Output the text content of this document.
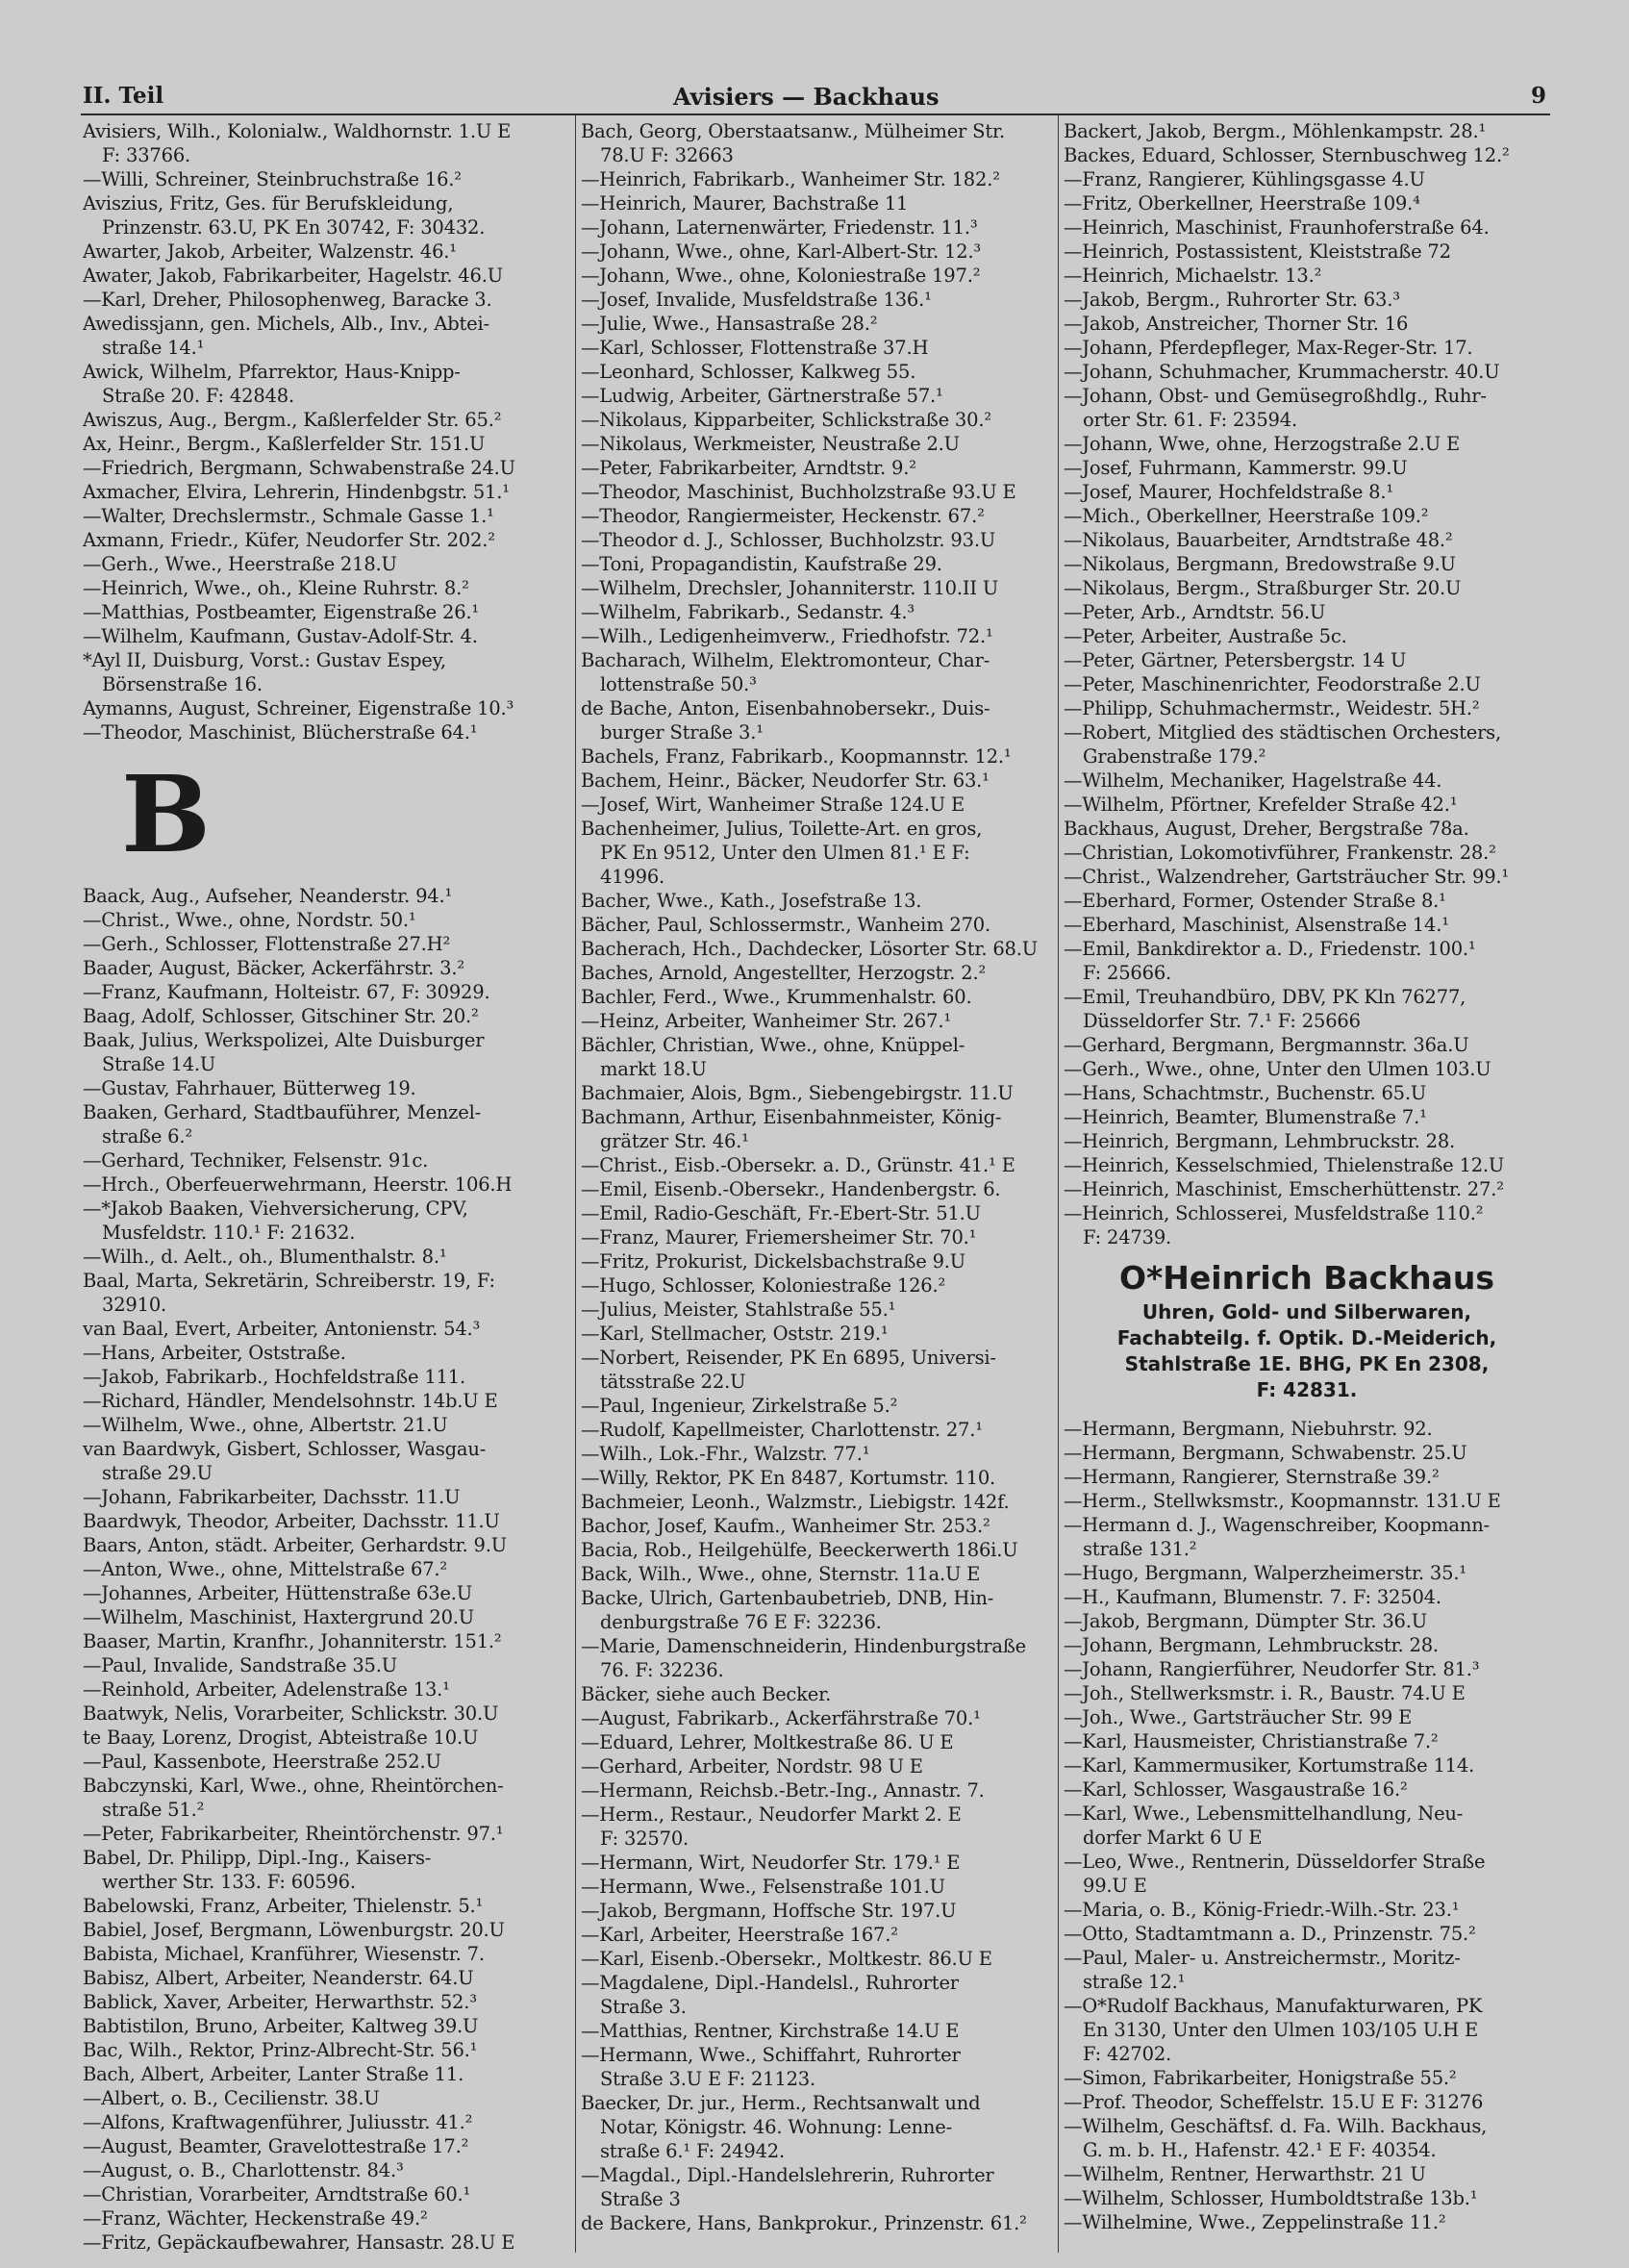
II. Teil	Avisiers — Backhaus	9
Avisiers, Wilh., Kolonialw., Waldhornstr. 1.U E
F: 33766.
—Willi, Schreiner, Steinbruchstraße 16.²
Aviszius, Fritz, Ges. für Berufskleidung,
Prinzenstr. 63.U, PK En 30742, F: 30432.
Awarter, Jakob, Arbeiter, Walzenstr. 46.¹
Awater, Jakob, Fabrikarbeiter, Hagelstr. 46.U
—Karl, Dreher, Philosophenweg, Baracke 3.
Awedissjann, gen. Michels, Alb., Inv., Abtei-
straße 14.¹
Awick, Wilhelm, Pfarrektor, Haus-Knipp-
Straße 20. F: 42848.
Awiszus, Aug., Bergm., Kaßlerfelder Str. 65.²
Ax, Heinr., Bergm., Kaßlerfelder Str. 151.U
—Friedrich, Bergmann, Schwabenstraße 24.U
Axmacher, Elvira, Lehrerin, Hindenbgstr. 51.¹
—Walter, Drechslermstr., Schmale Gasse 1.¹
Axmann, Friedr., Küfer, Neudorfer Str. 202.²
—Gerh., Wwe., Heerstraße 218.U
—Heinrich, Wwe., oh., Kleine Ruhrstr. 8.²
—Matthias, Postbeamter, Eigenstraße 26.¹
—Wilhelm, Kaufmann, Gustav-Adolf-Str. 4.
*Ayl II, Duisburg, Vorst.: Gustav Espey,
Börsenstraße 16.
Aymanns, August, Schreiner, Eigenstraße 10.³
—Theodor, Maschinist, Blücherstraße 64.¹
B
Baack, Aug., Aufseher, Neanderstr. 94.¹
—Christ., Wwe., ohne, Nordstr. 50.¹
—Gerh., Schlosser, Flottenstraße 27.H²
Baader, August, Bäcker, Ackerfährstr. 3.²
—Franz, Kaufmann, Holteistr. 67, F: 30929.
Baag, Adolf, Schlosser, Gitschiner Str. 20.²
Baak, Julius, Werkspolizei, Alte Duisburger
Straße 14.U
—Gustav, Fahrhauer, Bütterweg 19.
Baaken, Gerhard, Stadtbauführer, Menzel-
straße 6.²
—Gerhard, Techniker, Felsenstr. 91c.
—Hrch., Oberfeuerwehrmann, Heerstr. 106.H
—*Jakob Baaken, Viehversicherung, CPV,
Musfeldstr. 110.¹ F: 21632.
—Wilh., d. Aelt., oh., Blumenthalstr. 8.¹
Baal, Marta, Sekretärin, Schreiberstr. 19, F:
32910.
van Baal, Evert, Arbeiter, Antonienstr. 54.³
—Hans, Arbeiter, Oststraße.
—Jakob, Fabrikarb., Hochfeldstraße 111.
—Richard, Händler, Mendelsohnstr. 14b.U E
—Wilhelm, Wwe., ohne, Albertstr. 21.U
van Baardwyk, Gisbert, Schlosser, Wasgau-
straße 29.U
—Johann, Fabrikarbeiter, Dachsstr. 11.U
Baardwyk, Theodor, Arbeiter, Dachsstr. 11.U
Baars, Anton, städt. Arbeiter, Gerhardstr. 9.U
—Anton, Wwe., ohne, Mittelstraße 67.²
—Johannes, Arbeiter, Hüttenstraße 63e.U
—Wilhelm, Maschinist, Haxtergrund 20.U
Baaser, Martin, Kranfhr., Johanniterstr. 151.²
—Paul, Invalide, Sandstraße 35.U
—Reinhold, Arbeiter, Adelenstraße 13.¹
Baatwyk, Nelis, Vorarbeiter, Schlickstr. 30.U
te Baay, Lorenz, Drogist, Abteistraße 10.U
—Paul, Kassenbote, Heerstraße 252.U
Babczynski, Karl, Wwe., ohne, Rheintörchen-
straße 51.²
—Peter, Fabrikarbeiter, Rheintörchenstr. 97.¹
Babel, Dr. Philipp, Dipl.-Ing., Kaisers-
werther Str. 133. F: 60596.
Babelowski, Franz, Arbeiter, Thielenstr. 5.¹
Babiel, Josef, Bergmann, Löwenburgstr. 20.U
Babista, Michael, Kranführer, Wiesenstr. 7.
Babisz, Albert, Arbeiter, Neanderstr. 64.U
Bablick, Xaver, Arbeiter, Herwarthstr. 52.³
Babtistilon, Bruno, Arbeiter, Kaltweg 39.U
Bac, Wilh., Rektor, Prinz-Albrecht-Str. 56.¹
Bach, Albert, Arbeiter, Lanter Straße 11.
—Albert, o. B., Cecilienstr. 38.U
—Alfons, Kraftwagenführer, Juliusstr. 41.²
—August, Beamter, Gravelottestraße 17.²
—August, o. B., Charlottenstr. 84.³
—Christian, Vorarbeiter, Arndtstraße 60.¹
—Franz, Wächter, Heckenstraße 49.²
—Fritz, Gepäckaufbewahrer, Hansastr. 28.U E
Bach, Georg, Oberstaatsanw., Mülheimer Str.
78.U F: 32663
—Heinrich, Fabrikarb., Wanheimer Str. 182.²
—Heinrich, Maurer, Bachstraße 11
—Johann, Laternenwärter, Friedenstr. 11.³
—Johann, Wwe., ohne, Karl-Albert-Str. 12.³
—Johann, Wwe., ohne, Koloniestraße 197.²
—Josef, Invalide, Musfeldstraße 136.¹
—Julie, Wwe., Hansastraße 28.²
—Karl, Schlosser, Flottenstraße 37.H
—Leonhard, Schlosser, Kalkweg 55.
—Ludwig, Arbeiter, Gärtnerstraße 57.¹
—Nikolaus, Kipparbeiter, Schlickstraße 30.²
—Nikolaus, Werkmeister, Neustraße 2.U
—Peter, Fabrikarbeiter, Arndtstr. 9.²
—Theodor, Maschinist, Buchholzstraße 93.U E
—Theodor, Rangiermeister, Heckenstr. 67.²
—Theodor d. J., Schlosser, Buchholzstr. 93.U
—Toni, Propagandistin, Kaufstraße 29.
—Wilhelm, Drechsler, Johanniterstr. 110.II U
—Wilhelm, Fabrikarb., Sedanstr. 4.³
—Wilh., Ledigenheimverw., Friedhofstr. 72.¹
Bacharach, Wilhelm, Elektromonteur, Char-
lottenstraße 50.³
de Bache, Anton, Eisenbahnobersekr., Duis-
burger Straße 3.¹
Bachels, Franz, Fabrikarb., Koopmannstr. 12.¹
Bachem, Heinr., Bäcker, Neudorfer Str. 63.¹
—Josef, Wirt, Wanheimer Straße 124.U E
Bachenheimer, Julius, Toilette-Art. en gros,
PK En 9512, Unter den Ulmen 81.¹ E F:
41996.
Bacher, Wwe., Kath., Josefstraße 13.
Bächer, Paul, Schlossermstr., Wanheim 270.
Bacherach, Hch., Dachdecker, Lösorter Str. 68.U
Baches, Arnold, Angestellter, Herzogstr. 2.²
Bachler, Ferd., Wwe., Krummenhalstr. 60.
—Heinz, Arbeiter, Wanheimer Str. 267.¹
Bächler, Christian, Wwe., ohne, Knüppel-
markt 18.U
Bachmaier, Alois, Bgm., Siebengebirgstr. 11.U
Bachmann, Arthur, Eisenbahnmeister, König-
grätzer Str. 46.¹
—Christ., Eisb.-Obersekr. a. D., Grünstr. 41.¹ E
—Emil, Eisenb.-Obersekr., Handenbergstr. 6.
—Emil, Radio-Geschäft, Fr.-Ebert-Str. 51.U
—Franz, Maurer, Friemersheimer Str. 70.¹
—Fritz, Prokurist, Dickelsbachstraße 9.U
—Hugo, Schlosser, Koloniestraße 126.²
—Julius, Meister, Stahlstraße 55.¹
—Karl, Stellmacher, Oststr. 219.¹
—Norbert, Reisender, PK En 6895, Universi-
tätsstraße 22.U
—Paul, Ingenieur, Zirkelstraße 5.²
—Rudolf, Kapellmeister, Charlottenstr. 27.¹
—Wilh., Lok.-Fhr., Walzstr. 77.¹
—Willy, Rektor, PK En 8487, Kortumstr. 110.
Bachmeier, Leonh., Walzmstr., Liebigstr. 142f.
Bachor, Josef, Kaufm., Wanheimer Str. 253.²
Bacia, Rob., Heilgehülfe, Beeckerwerth 186i.U
Back, Wilh., Wwe., ohne, Sternstr. 11a.U E
Backe, Ulrich, Gartenbaubetrieb, DNB, Hin-
denburgstraße 76 E F: 32236.
—Marie, Damenschneiderin, Hindenburgstraße
76. F: 32236.
Bäcker, siehe auch Becker.
—August, Fabrikarb., Ackerfährstraße 70.¹
—Eduard, Lehrer, Moltkestraße 86. U E
—Gerhard, Arbeiter, Nordstr. 98 U E
—Hermann, Reichsb.-Betr.-Ing., Annastr. 7.
—Herm., Restaur., Neudorfer Markt 2. E
F: 32570.
—Hermann, Wirt, Neudorfer Str. 179.¹ E
—Hermann, Wwe., Felsenstraße 101.U
—Jakob, Bergmann, Hoffsche Str. 197.U
—Karl, Arbeiter, Heerstraße 167.²
—Karl, Eisenb.-Obersekr., Moltkestr. 86.U E
—Magdalene, Dipl.-Handelsl., Ruhrorter
Straße 3.
—Matthias, Rentner, Kirchstraße 14.U E
—Hermann, Wwe., Schiffahrt, Ruhrorter
Straße 3.U E F: 21123.
Baecker, Dr. jur., Herm., Rechtsanwalt und
Notar, Königstr. 46. Wohnung: Lenne-
straße 6.¹ F: 24942.
—Magdal., Dipl.-Handelslehrerin, Ruhrorter
Straße 3
de Backere, Hans, Bankprokur., Prinzenstr. 61.²
Backert, Jakob, Bergm., Möhlenkampstr. 28.¹
Backes, Eduard, Schlosser, Sternbuschweg 12.²
—Franz, Rangierer, Kühlingsgasse 4.U
—Fritz, Oberkellner, Heerstraße 109.⁴
—Heinrich, Maschinist, Fraunhoferstraße 64.
—Heinrich, Postassistent, Kleiststraße 72
—Heinrich, Michaelstr. 13.²
—Jakob, Bergm., Ruhrorter Str. 63.³
—Jakob, Anstreicher, Thorner Str. 16
—Johann, Pferdepfleger, Max-Reger-Str. 17.
—Johann, Schuhmacher, Krummacherstr. 40.U
—Johann, Obst- und Gemüsegroßhdlg., Ruhr-
orter Str. 61. F: 23594.
—Johann, Wwe, ohne, Herzogstraße 2.U E
—Josef, Fuhrmann, Kammerstr. 99.U
—Josef, Maurer, Hochfeldstraße 8.¹
—Mich., Oberkellner, Heerstraße 109.²
—Nikolaus, Bauarbeiter, Arndtstraße 48.²
—Nikolaus, Bergmann, Bredowstraße 9.U
—Nikolaus, Bergm., Straßburger Str. 20.U
—Peter, Arb., Arndtstr. 56.U
—Peter, Arbeiter, Austraße 5c.
—Peter, Gärtner, Petersbergstr. 14 U
—Peter, Maschinenrichter, Feodorstraße 2.U
—Philipp, Schuhmachermstr., Weidestr. 5H.²
—Robert, Mitglied des städtischen Orchesters,
Grabenstraße 179.²
—Wilhelm, Mechaniker, Hagelstraße 44.
—Wilhelm, Pförtner, Krefelder Straße 42.¹
Backhaus, August, Dreher, Bergstraße 78a.
—Christian, Lokomotivführer, Frankenstr. 28.²
—Christ., Walzendreher, Gartsträucher Str. 99.¹
—Eberhard, Former, Ostender Straße 8.¹
—Eberhard, Maschinist, Alsenstraße 14.¹
—Emil, Bankdirektor a. D., Friedenstr. 100.¹
F: 25666.
—Emil, Treuhandbüro, DBV, PK Kln 76277,
Düsseldorfer Str. 7.¹ F: 25666
—Gerhard, Bergmann, Bergmannstr. 36a.U
—Gerh., Wwe., ohne, Unter den Ulmen 103.U
—Hans, Schachtmstr., Buchenstr. 65.U
—Heinrich, Beamter, Blumenstraße 7.¹
—Heinrich, Bergmann, Lehmbruckstr. 28.
—Heinrich, Kesselschmied, Thielenstraße 12.U
—Heinrich, Maschinist, Emscherhüttenstr. 27.²
—Heinrich, Schlosserei, Musfeldstraße 110.²
F: 24739.
O*Heinrich Backhaus
Uhren, Gold- und Silberwaren,
Fachabteilg. f. Optik. D.-Meiderich,
Stahlstraße 1E. BHG, PK En 2308,
F: 42831.
—Hermann, Bergmann, Niebuhrstr. 92.
—Hermann, Bergmann, Schwabenstr. 25.U
—Hermann, Rangierer, Sternstraße 39.²
—Herm., Stellwksmstr., Koopmannstr. 131.U E
—Hermann d. J., Wagenschreiber, Koopmann-
straße 131.²
—Hugo, Bergmann, Walperzheimerstr. 35.¹
—H., Kaufmann, Blumenstr. 7. F: 32504.
—Jakob, Bergmann, Dümpter Str. 36.U
—Johann, Bergmann, Lehmbruckstr. 28.
—Johann, Rangierführer, Neudorfer Str. 81.³
—Joh., Stellwerksmstr. i. R., Baustr. 74.U E
—Joh., Wwe., Gartsträucher Str. 99 E
—Karl, Hausmeister, Christianstraße 7.²
—Karl, Kammermusiker, Kortumstraße 114.
—Karl, Schlosser, Wasgaustraße 16.²
—Karl, Wwe., Lebensmittelhandlung, Neu-
dorfer Markt 6 U E
—Leo, Wwe., Rentnerin, Düsseldorfer Straße
99.U E
—Maria, o. B., König-Friedr.-Wilh.-Str. 23.¹
—Otto, Stadtamtmann a. D., Prinzenstr. 75.²
—Paul, Maler- u. Anstreichermstr., Moritz-
straße 12.¹
—O*Rudolf Backhaus, Manufakturwaren, PK
En 3130, Unter den Ulmen 103/105 U.H E
F: 42702.
—Simon, Fabrikarbeiter, Honigstraße 55.²
—Prof. Theodor, Scheffelstr. 15.U E F: 31276
—Wilhelm, Geschäftsf. d. Fa. Wilh. Backhaus,
G. m. b. H., Hafenstr. 42.¹ E F: 40354.
—Wilhelm, Rentner, Herwarthstr. 21 U
—Wilhelm, Schlosser, Humboldtstraße 13b.¹
—Wilhelmine, Wwe., Zeppelinstraße 11.²
